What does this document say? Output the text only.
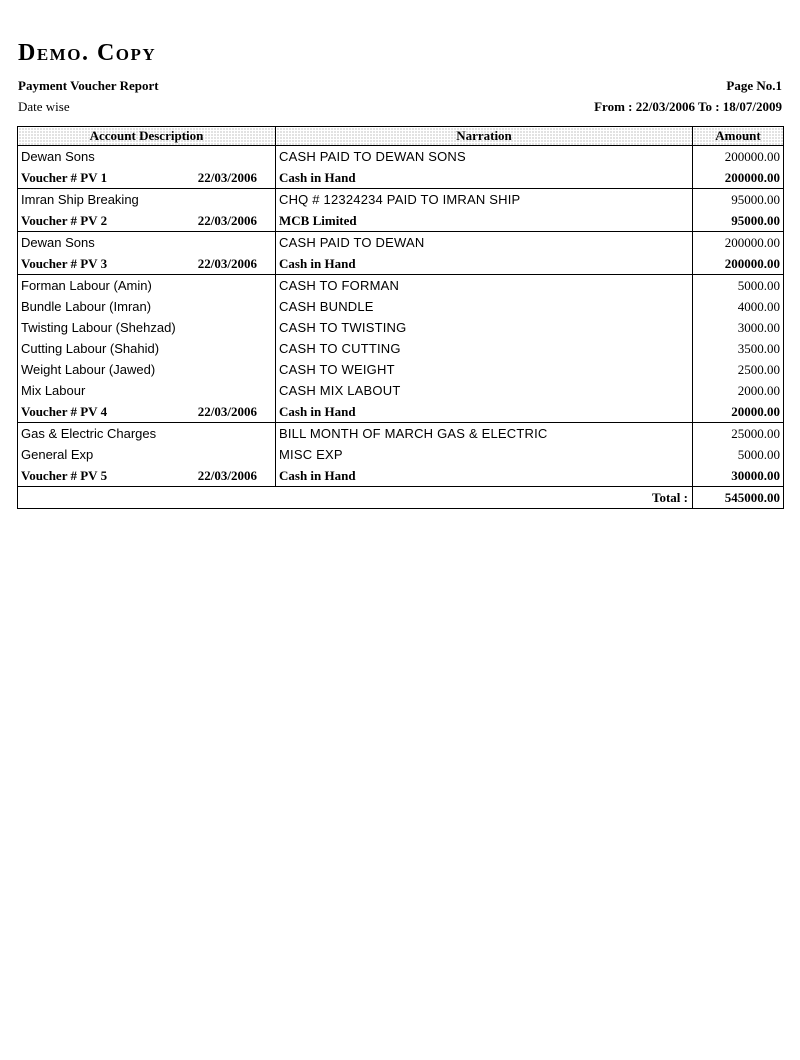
Demo. Copy
Payment Voucher Report
Date wise
Page No.1
From : 22/03/2006 To : 18/07/2009
Account Description	Narration	Amount
Dewan Sons	CASH PAID TO DEWAN SONS	200000.00
Voucher # PV 1 22/03/2006	Cash in Hand	200000.00
Imran Ship Breaking	CHQ # 12324234 PAID TO IMRAN SHIP	95000.00
Voucher # PV 2 22/03/2006	MCB Limited	95000.00
Dewan Sons	CASH PAID TO DEWAN	200000.00
Voucher # PV 3 22/03/2006	Cash in Hand	200000.00
Forman Labour (Amin)	CASH TO FORMAN	5000.00
Bundle Labour (Imran)	CASH BUNDLE	4000.00
Twisting Labour (Shehzad)	CASH TO TWISTING	3000.00
Cutting Labour (Shahid)	CASH TO CUTTING	3500.00
Weight Labour (Jawed)	CASH TO WEIGHT	2500.00
Mix Labour	CASH MIX LABOUT	2000.00
Voucher # PV 4 22/03/2006	Cash in Hand	20000.00
Gas & Electric Charges	BILL MONTH OF MARCH GAS & ELECTRIC	25000.00
General Exp	MISC EXP	5000.00
Voucher # PV 5 22/03/2006	Cash in Hand	30000.00
Total :		545000.00
